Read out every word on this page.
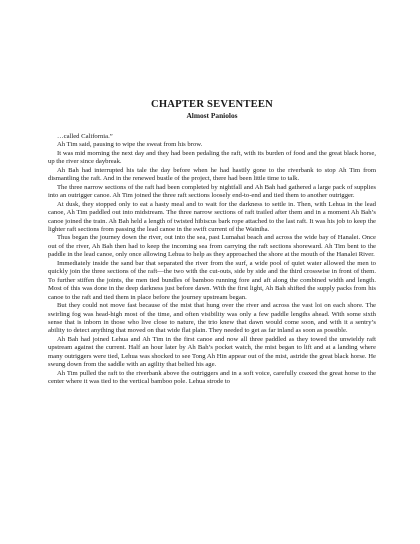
CHAPTER SEVENTEEN
Almost Paniolos

…called California.”

Ah Tim said, pausing to wipe the sweat from his brow.

It was mid morning the next day and they had been pedaling the raft, with its burden of food and the great black horse, up the river since daybreak.

Ah Bah had interrupted his tale the day before when he had hastily gone to the riverbank to stop Ah Tim from dismantling the raft. And in the renewed bustle of the project, there had been little time to talk.

The three narrow sections of the raft had been completed by nightfall and Ah Bah had gathered a large pack of supplies into an outrigger canoe. Ah Tim joined the three raft sections loosely end-to-end and tied them to another outrigger.

At dusk, they stopped only to eat a hasty meal and to wait for the darkness to settle in. Then, with Lehua in the lead canoe, Ah Tim paddled out into midstream. The three narrow sections of raft trailed after them and in a moment Ah Bah’s canoe joined the train. Ah Bah held a length of twisted hibiscus bark rope attached to the last raft. It was his job to keep the lighter raft sections from passing the lead canoe in the swift current of the Wainiha.

Thus began the journey down the river, out into the sea, past Lumahai beach and across the wide bay of Hanalei. Once out of the river, Ah Bah then had to keep the incoming sea from carrying the raft sections shoreward. Ah Tim bent to the paddle in the lead canoe, only once allowing Lehua to help as they approached the shore at the mouth of the Hanalei River.

Immediately inside the sand bar that separated the river from the surf, a wide pool of quiet water allowed the men to quickly join the three sections of the raft—the two with the cut-outs, side by side and the third crosswise in front of them. To further stiffen the joints, the men tied bundles of bamboo running fore and aft along the combined width and length. Most of this was done in the deep darkness just before dawn. With the first light, Ah Bah shifted the supply packs from his canoe to the raft and tied them in place before the journey upstream began.

But they could not move fast because of the mist that hung over the river and across the vast loi on each shore. The swirling fog was head-high most of the time, and often visibility was only a few paddle lengths ahead. With some sixth sense that is inborn in those who live close to nature, the trio knew that dawn would come soon, and with it a sentry’s ability to detect anything that moved on that wide flat plain. They needed to get as far inland as soon as possible.

Ah Bah had joined Lehua and Ah Tim in the first canoe and now all three paddled as they towed the unwieldy raft upstream against the current. Half an hour later by Ah Bah’s pocket watch, the mist began to lift and at a landing where many outriggers were tied, Lehua was shocked to see Tong Ah Hin appear out of the mist, astride the great black horse. He swung down from the saddle with an agility that belied his age.

Ah Tim pulled the raft to the riverbank above the outriggers and in a soft voice, carefully coaxed the great horse to the center where it was tied to the vertical bamboo pole. Lehua strode to
